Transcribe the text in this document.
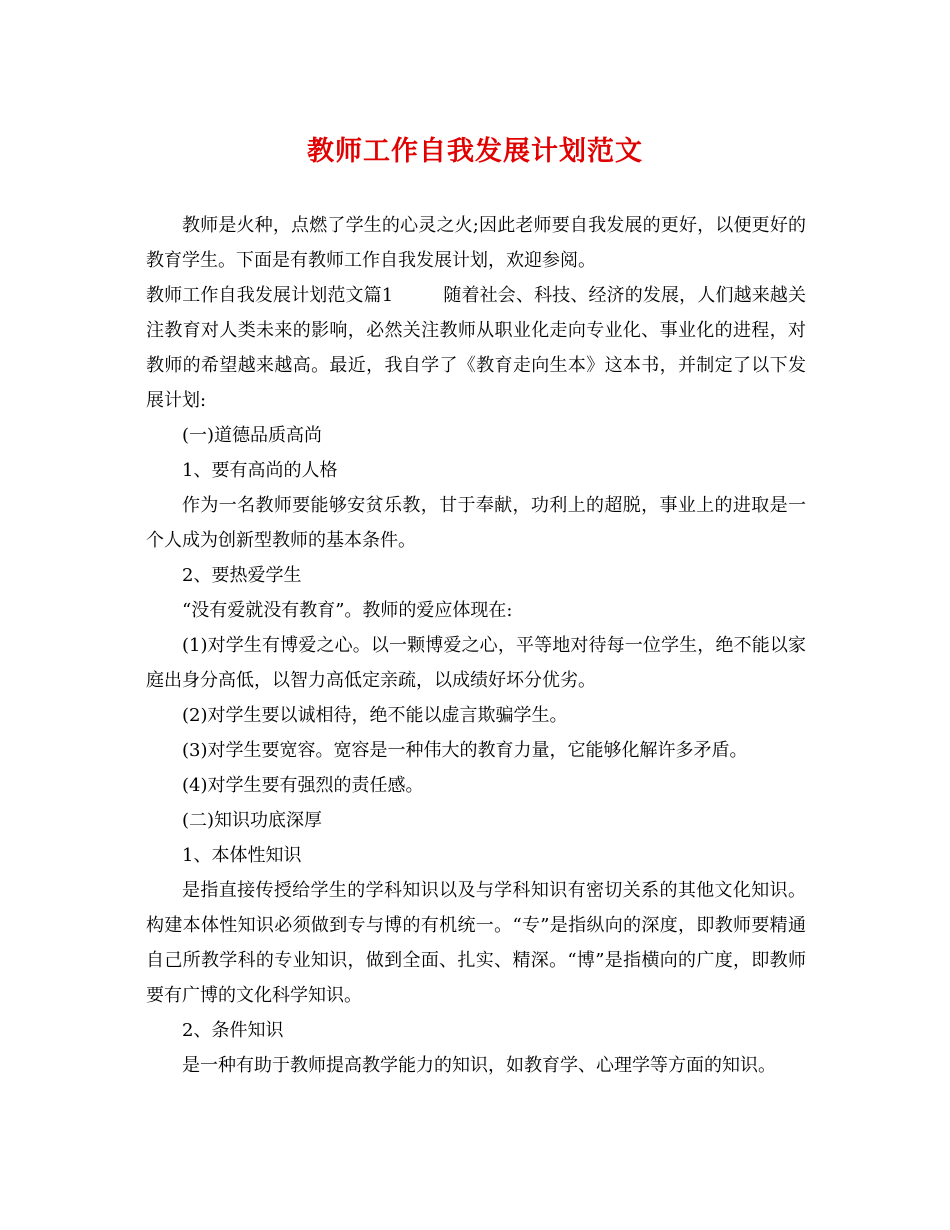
教师工作自我发展计划范文

教师是火种，点燃了学生的心灵之火;因此老师要自我发展的更好，以便更好的教育学生。下面是有教师工作自我发展计划，欢迎参阅。

教师工作自我发展计划范文篇1	随着社会、科技、经济的发展，人们越来越关注教育对人类未来的影响，必然关注教师从职业化走向专业化、事业化的进程，对教师的希望越来越高。最近，我自学了《教育走向生本》这本书，并制定了以下发展计划:

(一)道德品质高尚

1、要有高尚的人格

作为一名教师要能够安贫乐教，甘于奉献，功利上的超脱，事业上的进取是一个人成为创新型教师的基本条件。

2、要热爱学生

“没有爱就没有教育”。教师的爱应体现在:

(1)对学生有博爱之心。以一颗博爱之心，平等地对待每一位学生，绝不能以家庭出身分高低，以智力高低定亲疏，以成绩好坏分优劣。

(2)对学生要以诚相待，绝不能以虚言欺骗学生。

(3)对学生要宽容。宽容是一种伟大的教育力量，它能够化解许多矛盾。

(4)对学生要有强烈的责任感。

(二)知识功底深厚

1、本体性知识

是指直接传授给学生的学科知识以及与学科知识有密切关系的其他文化知识。构建本体性知识必须做到专与博的有机统一。“专”是指纵向的深度，即教师要精通自己所教学科的专业知识，做到全面、扎实、精深。“博”是指横向的广度，即教师要有广博的文化科学知识。

2、条件知识

是一种有助于教师提高教学能力的知识，如教育学、心理学等方面的知识。
